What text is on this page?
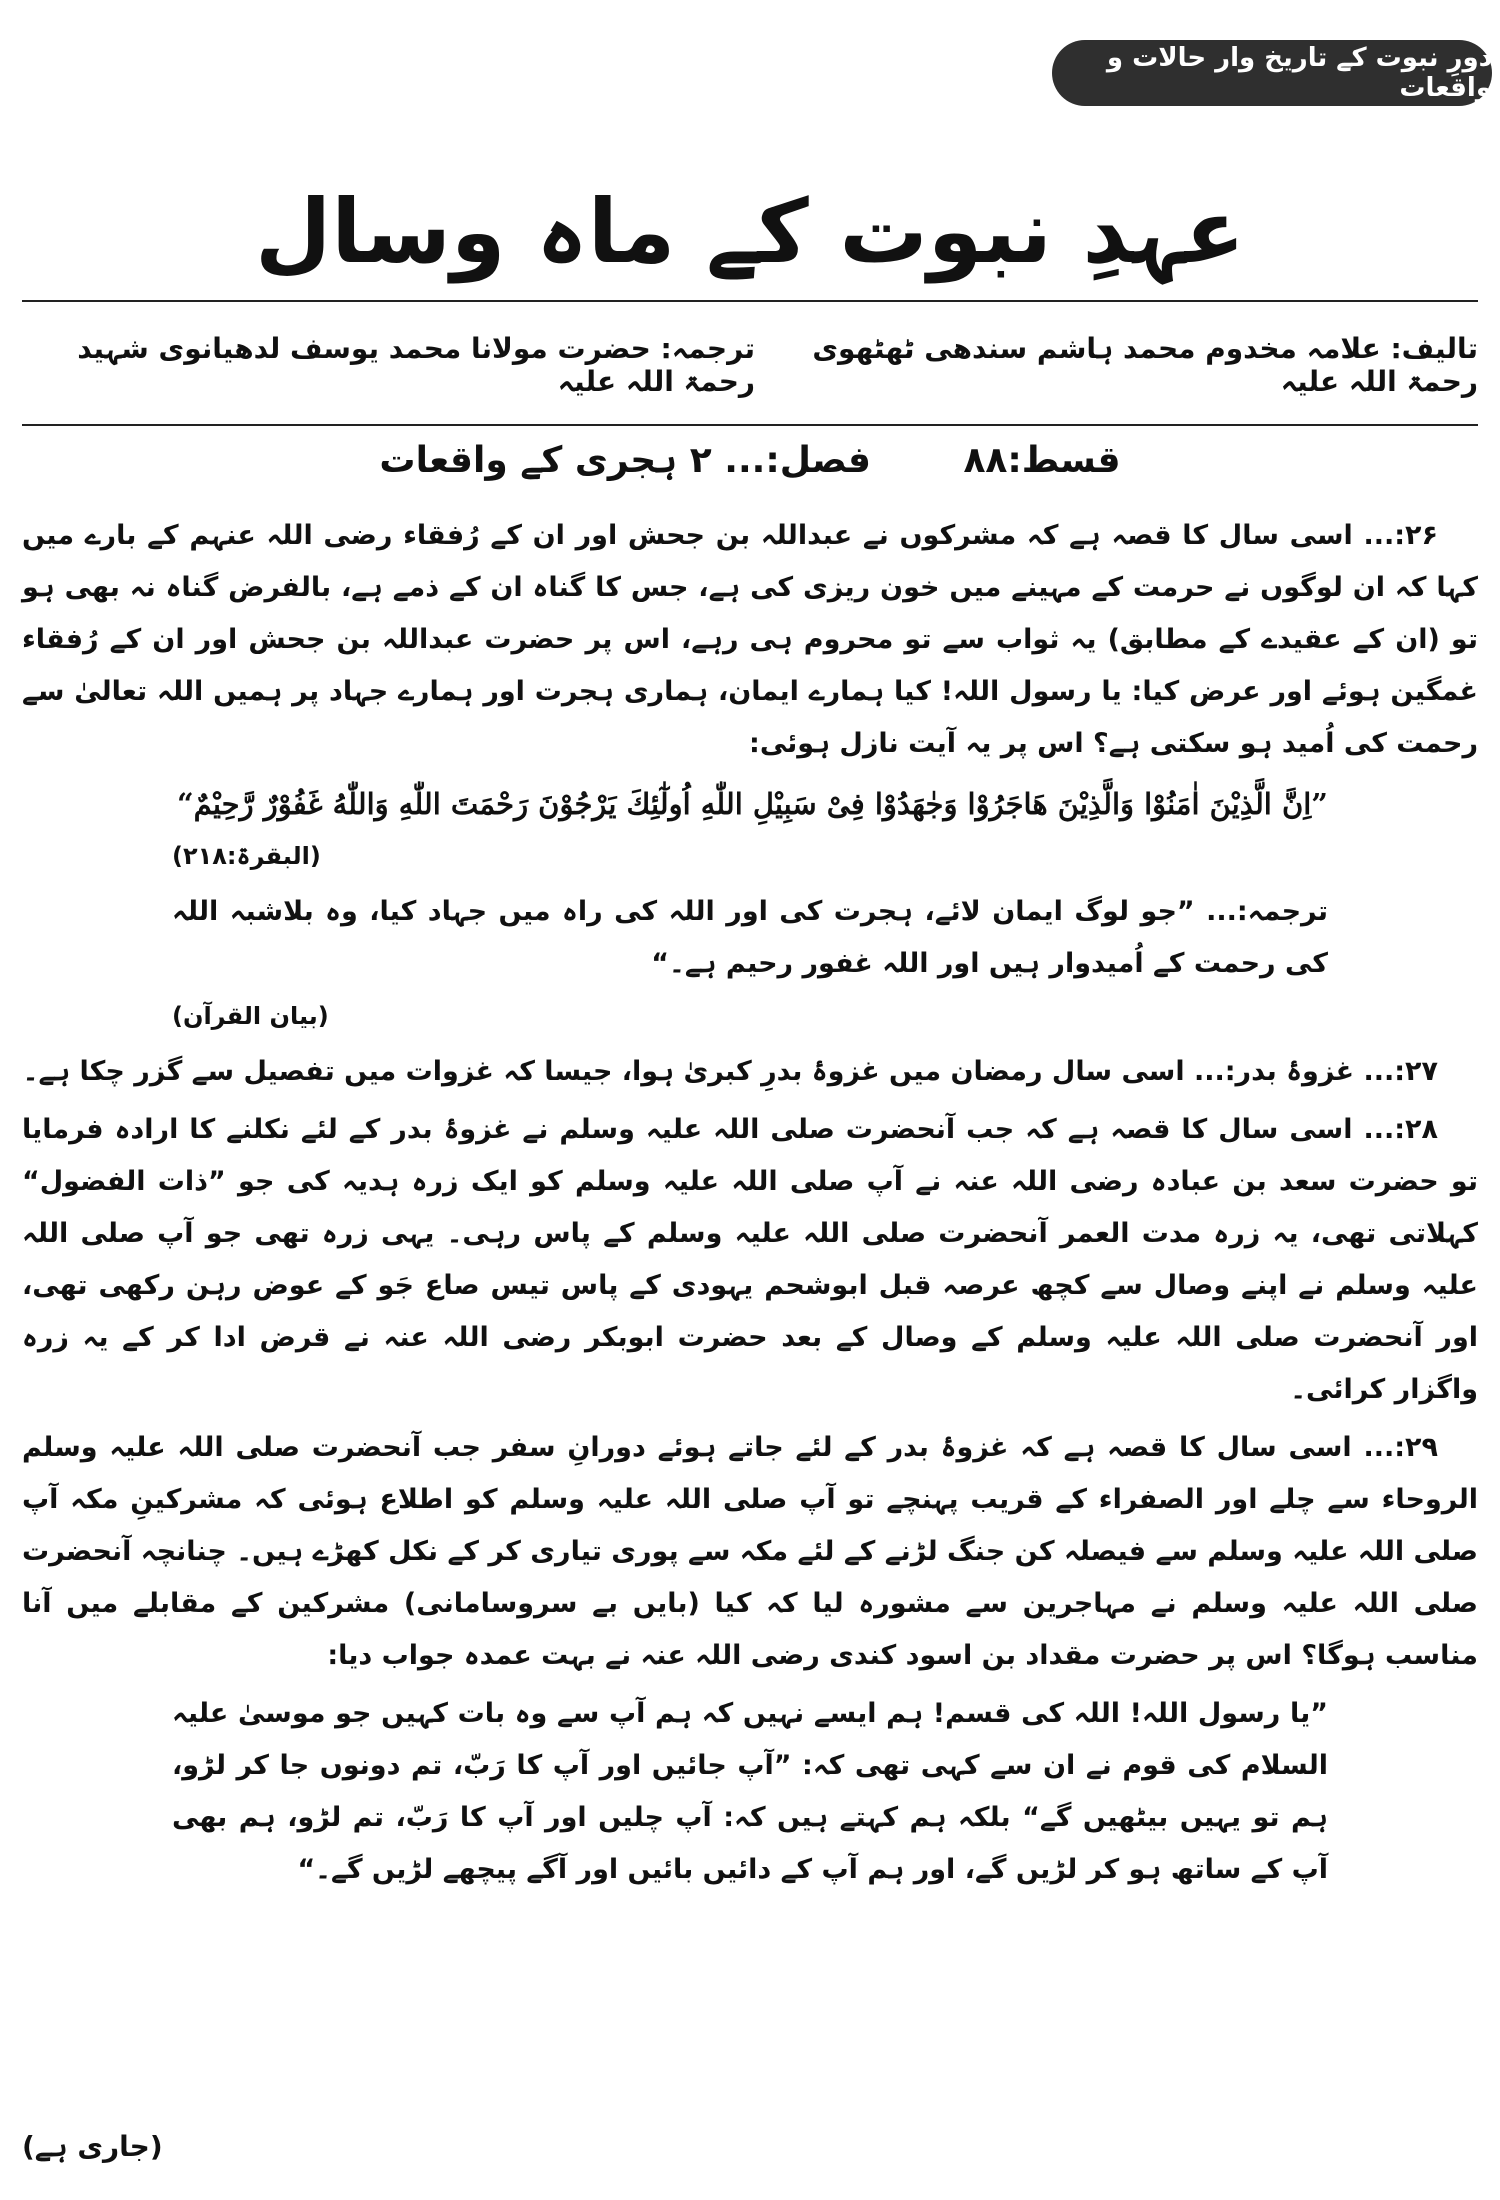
دورِ نبوت کے تاریخ وار حالات و واقعات
عہدِ نبوت کے ماہ وسال
تالیف: علامہ مخدوم محمد ہاشم سندھی ٹھٹھوی رحمۃ اللہ علیہ
ترجمہ: حضرت مولانا محمد یوسف لدھیانوی شہید رحمۃ اللہ علیہ
قسط:۸۸ فصل:... ۲ ہجری کے واقعات

۲۶:... اسی سال کا قصہ ہے کہ مشرکوں نے عبداللہ بن جحش اور ان کے رُفقاء رضی اللہ عنہم کے بارے میں کہا کہ ان لوگوں نے حرمت کے مہینے میں خون ریزی کی ہے، جس کا گناہ ان کے ذمے ہے، بالفرض گناہ نہ بھی ہو تو (ان کے عقیدے کے مطابق) یہ ثواب سے تو محروم ہی رہے، اس پر حضرت عبداللہ بن جحش اور ان کے رُفقاء غمگین ہوئے اور عرض کیا: یا رسول اللہ! کیا ہمارے ایمان، ہماری ہجرت اور ہمارے جہاد پر ہمیں اللہ تعالیٰ سے رحمت کی اُمید ہو سکتی ہے؟ اس پر یہ آیت نازل ہوئی:

”اِنَّ الَّذِیْنَ اٰمَنُوْا وَالَّذِیْنَ هَاجَرُوْا وَجٰهَدُوْا فِیْ سَبِیْلِ اللّٰهِ اُولٰٓئِكَ یَرْجُوْنَ رَحْمَتَ اللّٰهِ وَاللّٰهُ غَفُوْرٌ رَّحِیْمٌ“
(البقرۃ:۲۱۸)
ترجمہ:... ”جو لوگ ایمان لائے، ہجرت کی اور اللہ کی راہ میں جہاد کیا، وہ بلاشبہ اللہ کی رحمت کے اُمیدوار ہیں اور اللہ غفور رحیم ہے۔“
(بیان القرآن)

۲۷:... غزوۂ بدر:... اسی سال رمضان میں غزوۂ بدرِ کبریٰ ہوا، جیسا کہ غزوات میں تفصیل سے گزر چکا ہے۔

۲۸:... اسی سال کا قصہ ہے کہ جب آنحضرت صلی اللہ علیہ وسلم نے غزوۂ بدر کے لئے نکلنے کا ارادہ فرمایا تو حضرت سعد بن عبادہ رضی اللہ عنہ نے آپ صلی اللہ علیہ وسلم کو ایک زرہ ہدیہ کی جو ”ذات الفضول“ کہلاتی تھی، یہ زرہ مدت العمر آنحضرت صلی اللہ علیہ وسلم کے پاس رہی۔ یہی زرہ تھی جو آپ صلی اللہ علیہ وسلم نے اپنے وصال سے کچھ عرصہ قبل ابوشحم یہودی کے پاس تیس صاع جَو کے عوض رہن رکھی تھی، اور آنحضرت صلی اللہ علیہ وسلم کے وصال کے بعد حضرت ابوبکر رضی اللہ عنہ نے قرض ادا کر کے یہ زرہ واگزار کرائی۔

۲۹:... اسی سال کا قصہ ہے کہ غزوۂ بدر کے لئے جاتے ہوئے دورانِ سفر جب آنحضرت صلی اللہ علیہ وسلم الروحاء سے چلے اور الصفراء کے قریب پہنچے تو آپ صلی اللہ علیہ وسلم کو اطلاع ہوئی کہ مشرکینِ مکہ آپ صلی اللہ علیہ وسلم سے فیصلہ کن جنگ لڑنے کے لئے مکہ سے پوری تیاری کر کے نکل کھڑے ہیں۔ چنانچہ آنحضرت صلی اللہ علیہ وسلم نے مہاجرین سے مشورہ لیا کہ کیا (بایں بے سروسامانی) مشرکین کے مقابلے میں آنا مناسب ہوگا؟ اس پر حضرت مقداد بن اسود کندی رضی اللہ عنہ نے بہت عمدہ جواب دیا:

”یا رسول اللہ! اللہ کی قسم! ہم ایسے نہیں کہ ہم آپ سے وہ بات کہیں جو موسیٰ علیہ السلام کی قوم نے ان سے کہی تھی کہ: ”آپ جائیں اور آپ کا رَبّ، تم دونوں جا کر لڑو، ہم تو یہیں بیٹھیں گے“ بلکہ ہم کہتے ہیں کہ: آپ چلیں اور آپ کا رَبّ، تم لڑو، ہم بھی آپ کے ساتھ ہو کر لڑیں گے، اور ہم آپ کے دائیں بائیں اور آگے پیچھے لڑیں گے۔“
(جاری ہے)
